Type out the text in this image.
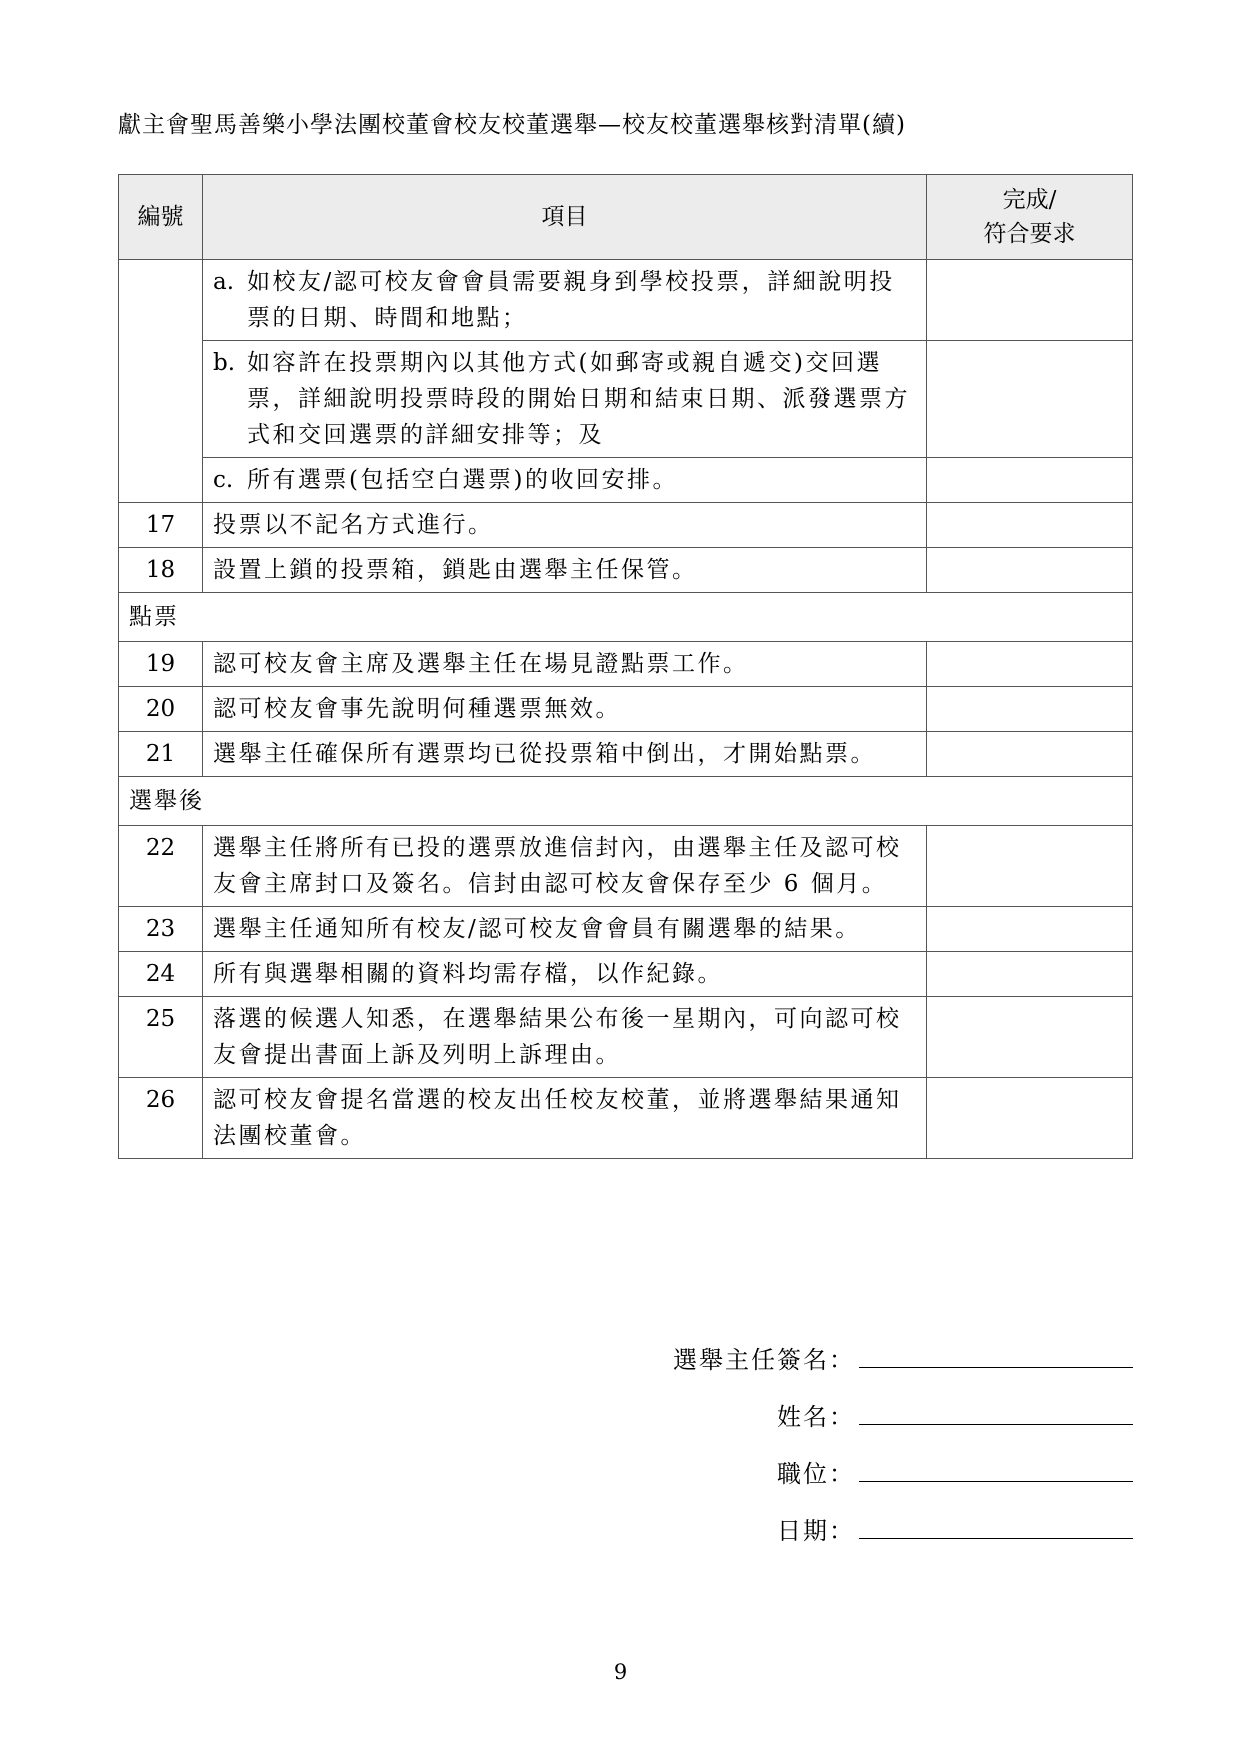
獻主會聖馬善樂小學法團校董會校友校董選舉—校友校董選舉核對清單(續)
編號	項目	完成/
符合要求

	a. 如校友/認可校友會會員需要親身到學校投票，詳細說明投票的日期、時間和地點；	

	b. 如容許在投票期內以其他方式(如郵寄或親自遞交)交回選票，詳細說明投票時段的開始日期和結束日期、派發選票方式和交回選票的詳細安排等；及	

	c. 所有選票(包括空白選票)的收回安排。	

17	投票以不記名方式進行。	
18	設置上鎖的投票箱，鎖匙由選舉主任保管。	
點票		
19	認可校友會主席及選舉主任在場見證點票工作。	
20	認可校友會事先說明何種選票無效。	
21	選舉主任確保所有選票均已從投票箱中倒出，才開始點票。	
選舉後		
22	選舉主任將所有已投的選票放進信封內，由選舉主任及認可校友會主席封口及簽名。信封由認可校友會保存至少 6 個月。	
23	選舉主任通知所有校友/認可校友會會員有關選舉的結果。	
24	所有與選舉相關的資料均需存檔，以作紀錄。	
25	落選的候選人知悉，在選舉結果公布後一星期內，可向認可校友會提出書面上訴及列明上訴理由。	
26	認可校友會提名當選的校友出任校友校董，並將選舉結果通知法團校董會。	
選舉主任簽名：
姓名：
職位：
日期：
9
